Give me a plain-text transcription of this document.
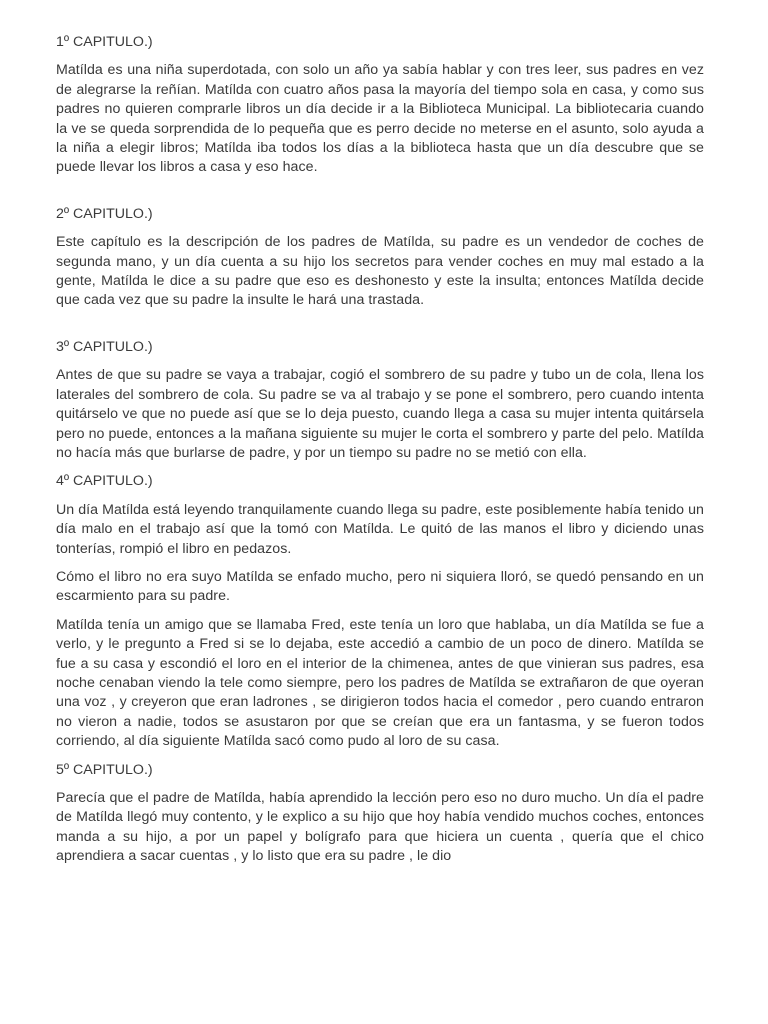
1º CAPITULO.)

Matílda es una niña superdotada, con solo un año ya sabía hablar y con tres leer, sus padres en vez de alegrarse la reñían. Matílda con cuatro años pasa la mayoría del tiempo sola en casa, y como sus padres no quieren comprarle libros un día decide ir a la Biblioteca Municipal. La bibliotecaria cuando la ve se queda sorprendida de lo pequeña que es perro decide no meterse en el asunto, solo ayuda a la niña a elegir libros; Matílda iba todos los días a la biblioteca hasta que un día descubre que se puede llevar los libros a casa y eso hace.

2º CAPITULO.)

Este capítulo es la descripción de los padres de Matílda, su padre es un vendedor de coches de segunda mano, y un día cuenta a su hijo los secretos para vender coches en muy mal estado a la gente, Matílda le dice a su padre que eso es deshonesto y este la insulta; entonces Matílda decide que cada vez que su padre la insulte le hará una trastada.

3º CAPITULO.)

Antes de que su padre se vaya a trabajar, cogió el sombrero de su padre y tubo un de cola, llena los laterales del sombrero de cola. Su padre se va al trabajo y se pone el sombrero, pero cuando intenta quitárselo ve que no puede así que se lo deja puesto, cuando llega a casa su mujer intenta quitársela pero no puede, entonces a la mañana siguiente su mujer le corta el sombrero y parte del pelo. Matílda no hacía más que burlarse de padre, y por un tiempo su padre no se metió con ella.

4º CAPITULO.)

Un día Matílda está leyendo tranquilamente cuando llega su padre, este posiblemente había tenido un día malo en el trabajo así que la tomó con Matílda. Le quitó de las manos el libro y diciendo unas tonterías, rompió el libro en pedazos.

Cómo el libro no era suyo Matílda se enfado mucho, pero ni siquiera lloró, se quedó pensando en un escarmiento para su padre.

Matílda tenía un amigo que se llamaba Fred, este tenía un loro que hablaba, un día Matílda se fue a verlo, y le pregunto a Fred si se lo dejaba, este accedió a cambio de un poco de dinero. Matílda se fue a su casa y escondió el loro en el interior de la chimenea, antes de que vinieran sus padres, esa noche cenaban viendo la tele como siempre, pero los padres de Matílda se extrañaron de que oyeran una voz , y creyeron que eran ladrones , se dirigieron todos hacia el comedor , pero cuando entraron no vieron a nadie, todos se asustaron por que se creían que era un fantasma, y se fueron todos corriendo, al día siguiente Matílda sacó como pudo al loro de su casa.

5º CAPITULO.)

Parecía que el padre de Matílda, había aprendido la lección pero eso no duro mucho. Un día el padre de Matílda llegó muy contento, y le explico a su hijo que hoy había vendido muchos coches, entonces manda a su hijo, a por un papel y bolígrafo para que hiciera un cuenta , quería que el chico aprendiera a sacar cuentas , y lo listo que era su padre , le dio
